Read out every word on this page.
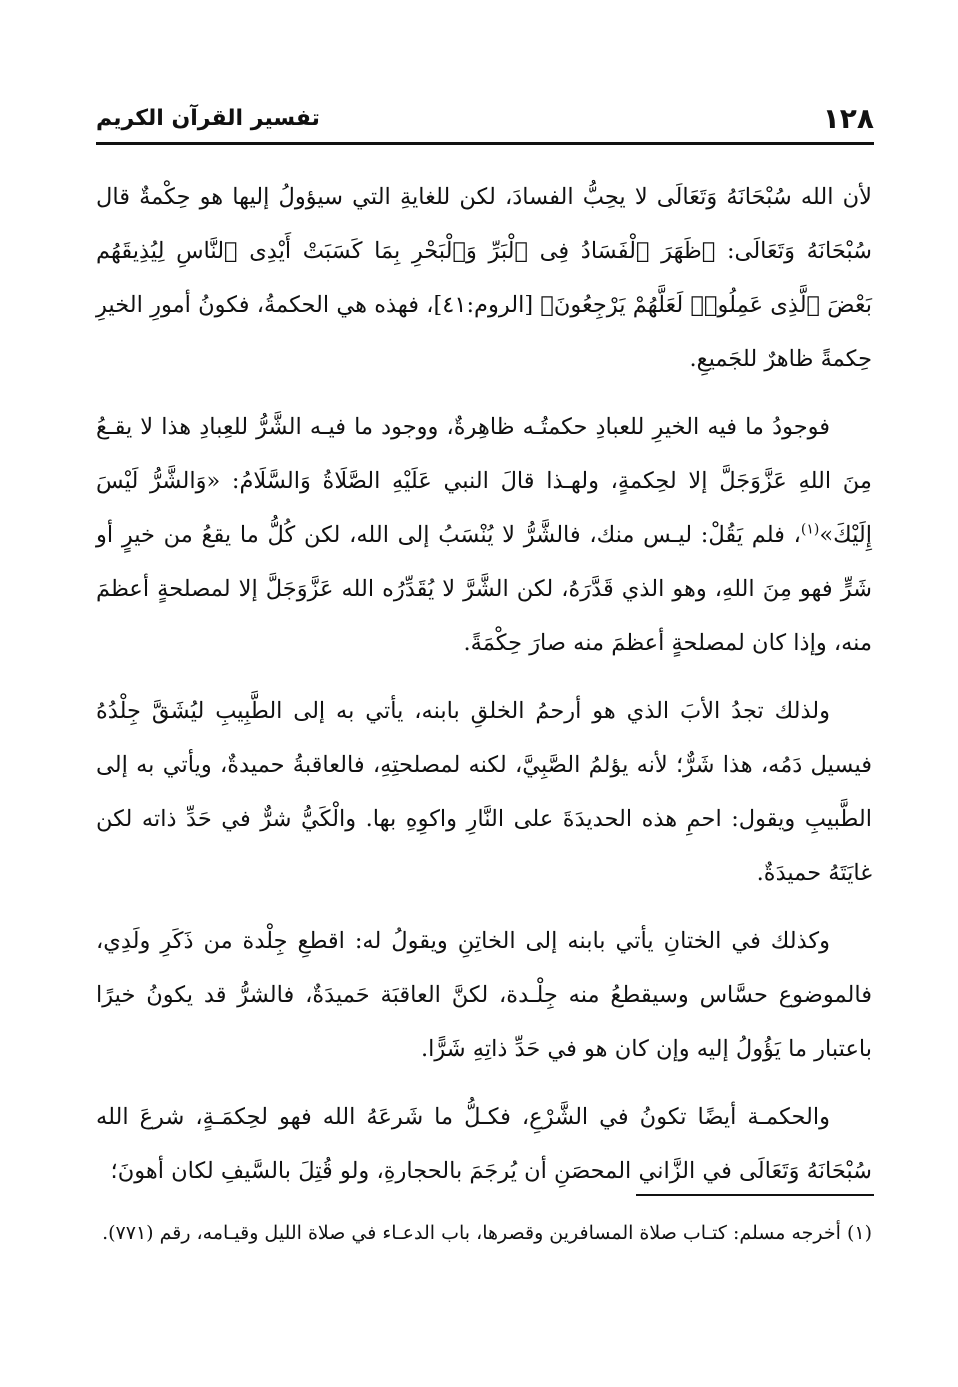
١٢٨
تفسير القرآن الكريم

لأن الله سُبْحَانَهُ وَتَعَالَى لا يحِبُّ الفسادَ، لكن للغايةِ التي سيؤولُ إليها هو حِكْمةٌ قال سُبْحَانَهُ وَتَعَالَى: ﴿ظَهَرَ ٱلْفَسَادُ فِى ٱلْبَرِّ وَٱلْبَحْرِ بِمَا كَسَبَتْ أَيْدِى ٱلنَّاسِ لِيُذِيقَهُم بَعْضَ ٱلَّذِى عَمِلُوا۟ لَعَلَّهُمْ يَرْجِعُونَ﴾ [الروم:٤١]، فهذه هي الحكمةُ، فكونُ أمورِ الخيرِ حِكمةً ظاهرٌ للجَميعِ.

فوجودُ ما فيه الخيرِ للعبادِ حكمتُـه ظاهِرةٌ، ووجود ما فيـه الشَّرُّ للعِبادِ هذا لا يقـعُ مِنَ اللهِ عَزَّوَجَلَّ إلا لحِكمةٍ، ولهـذا قالَ النبي عَلَيْهِ الصَّلَاةُ وَالسَّلَامُ: «وَالشَّرُّ لَيْسَ إِلَيْكَ»$^{(١)}$، فلم يَقُلْ: ليـس منك، فالشَّرُّ لا يُنْسَبُ إلى الله، لكن كُلُّ ما يقعُ من خيرٍ أو شَرٍّ فهو مِنَ اللهِ، وهو الذي قَدَّرَهُ، لكن الشَّرَّ لا يُقَدِّرُه الله عَزَّوَجَلَّ إلا لمصلحةٍ أعظمَ منه، وإذا كان لمصلحةٍ أعظمَ منه صارَ حِكْمَةً.

ولذلك تجدُ الأبَ الذي هو أرحمُ الخلقِ بابنه، يأتي به إلى الطَّبِيبِ ليُشَقَّ جِلْدُهُ فيسيل دَمُه، هذا شَرٌّ؛ لأنه يؤلمُ الصَّبِيَّ، لكنه لمصلحتِهِ، فالعاقبةُ حميدةٌ، ويأتي به إلى الطَّبيبِ ويقول: احمِ هذه الحديدَةَ على النَّارِ واكوِهِ بها. والْكَيُّ شرٌّ في حَدِّ ذاته لكن غايَتَهُ حميدَةٌ.

وكذلك في الختانِ يأتي بابنه إلى الخاتِنِ ويقولُ له: اقطعِ جِلْدة من ذَكَرِ ولَدِي، فالموضوع حسَّاس وسيقطعُ منه جِلْـدة، لكنَّ العاقبَة حَميدَةٌ، فالشرُّ قد يكونُ خيرًا باعتبار ما يَؤُولُ إليه وإن كان هو في حَدِّ ذاتِهِ شَرًّا.

والحكمـة أيضًا تكونُ في الشَّرْعِ، فكـلُّ ما شَرعَهُ الله فهو لحِكمَـةٍ، شرعَ الله سُبْحَانَهُ وَتَعَالَى في الزَّاني المحصَنِ أن يُرجَمَ بالحجارةِ، ولو قُتِلَ بالسَّيفِ لكان أهونَ؛

(١) أخرجه مسلم: كتـاب صلاة المسافرين وقصرها، باب الدعـاء في صلاة الليل وقيـامه، رقم (٧٧١).
